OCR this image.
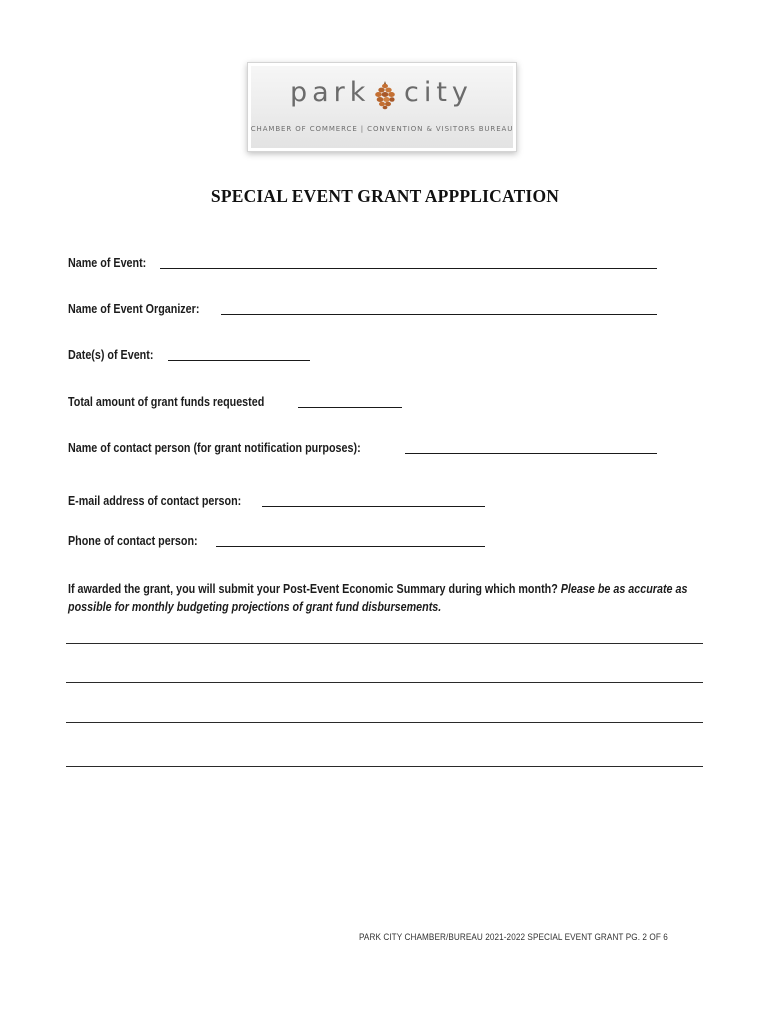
park city
CHAMBER OF COMMERCE | CONVENTION & VISITORS BUREAU
SPECIAL EVENT GRANT APPPLICATION
Name of Event:
Name of Event Organizer:
Date(s) of Event:
Total amount of grant funds requested
Name of contact person (for grant notification purposes):
E-mail address of contact person:
Phone of contact person:
If awarded the grant, you will submit your Post-Event Economic Summary during which month? Please be as accurate as possible for monthly budgeting projections of grant fund disbursements.
PARK CITY CHAMBER/BUREAU 2021-2022 SPECIAL EVENT GRANT PG. 2 OF 6
